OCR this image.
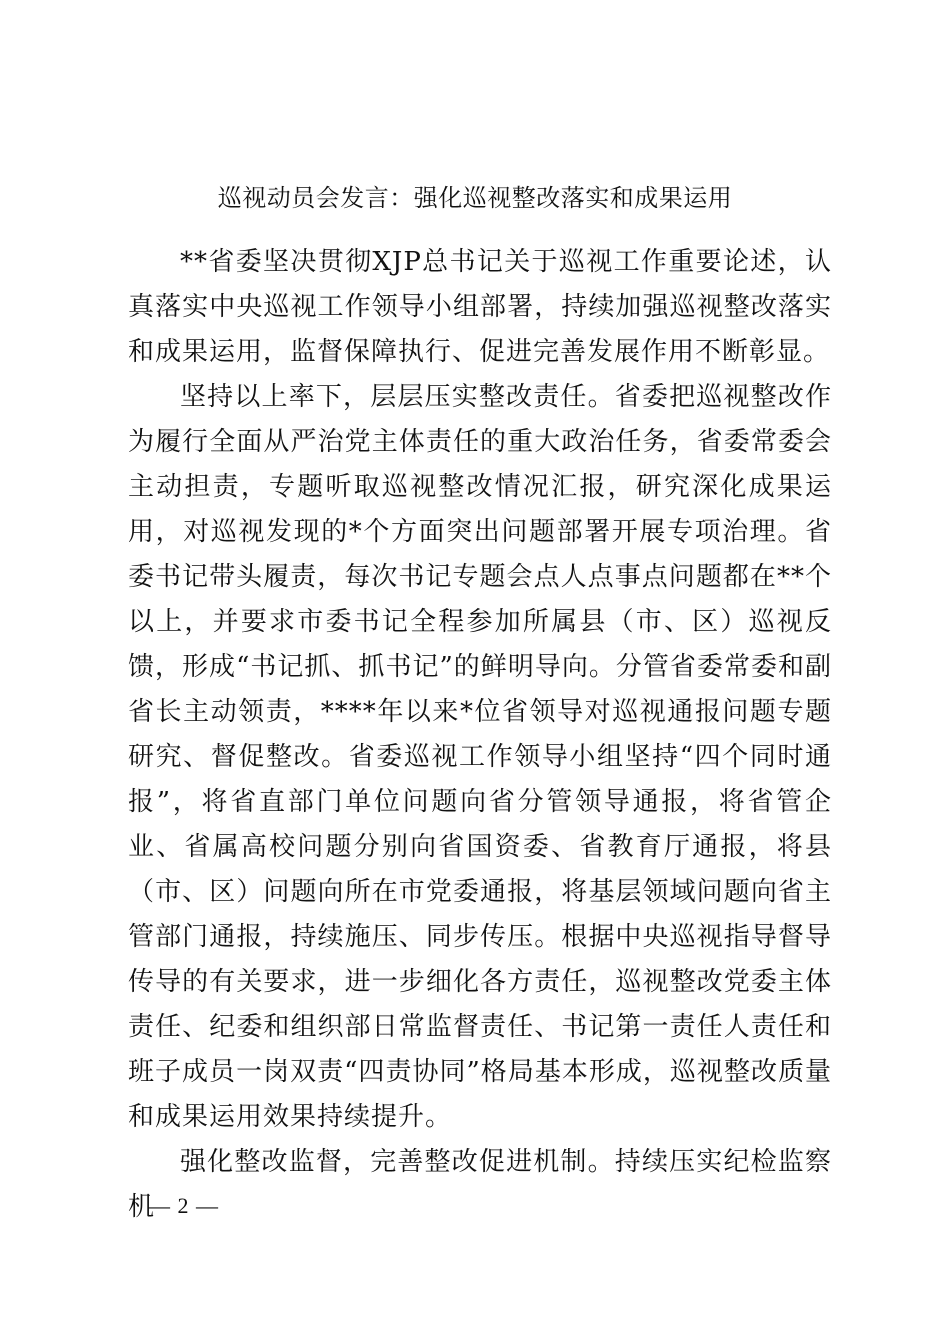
巡视动员会发言：强化巡视整改落实和成果运用

**省委坚决贯彻XJP总书记关于巡视工作重要论述，认真落实中央巡视工作领导小组部署，持续加强巡视整改落实和成果运用，监督保障执行、促进完善发展作用不断彰显。

坚持以上率下，层层压实整改责任。省委把巡视整改作为履行全面从严治党主体责任的重大政治任务，省委常委会主动担责，专题听取巡视整改情况汇报，研究深化成果运用，对巡视发现的*个方面突出问题部署开展专项治理。省委书记带头履责，每次书记专题会点人点事点问题都在**个以上，并要求市委书记全程参加所属县（市、区）巡视反馈，形成“书记抓、抓书记”的鲜明导向。分管省委常委和副省长主动领责，****年以来*位省领导对巡视通报问题专题研究、督促整改。省委巡视工作领导小组坚持“四个同时通报”，将省直部门单位问题向省分管领导通报，将省管企业、省属高校问题分别向省国资委、省教育厅通报，将县（市、区）问题向所在市党委通报，将基层领域问题向省主管部门通报，持续施压、同步传压。根据中央巡视指导督导传导的有关要求，进一步细化各方责任，巡视整改党委主体责任、纪委和组织部日常监督责任、书记第一责任人责任和班子成员一岗双责“四责协同”格局基本形成，巡视整改质量和成果运用效果持续提升。

强化整改监督，完善整改促进机制。持续压实纪检监察机

— 2 —
